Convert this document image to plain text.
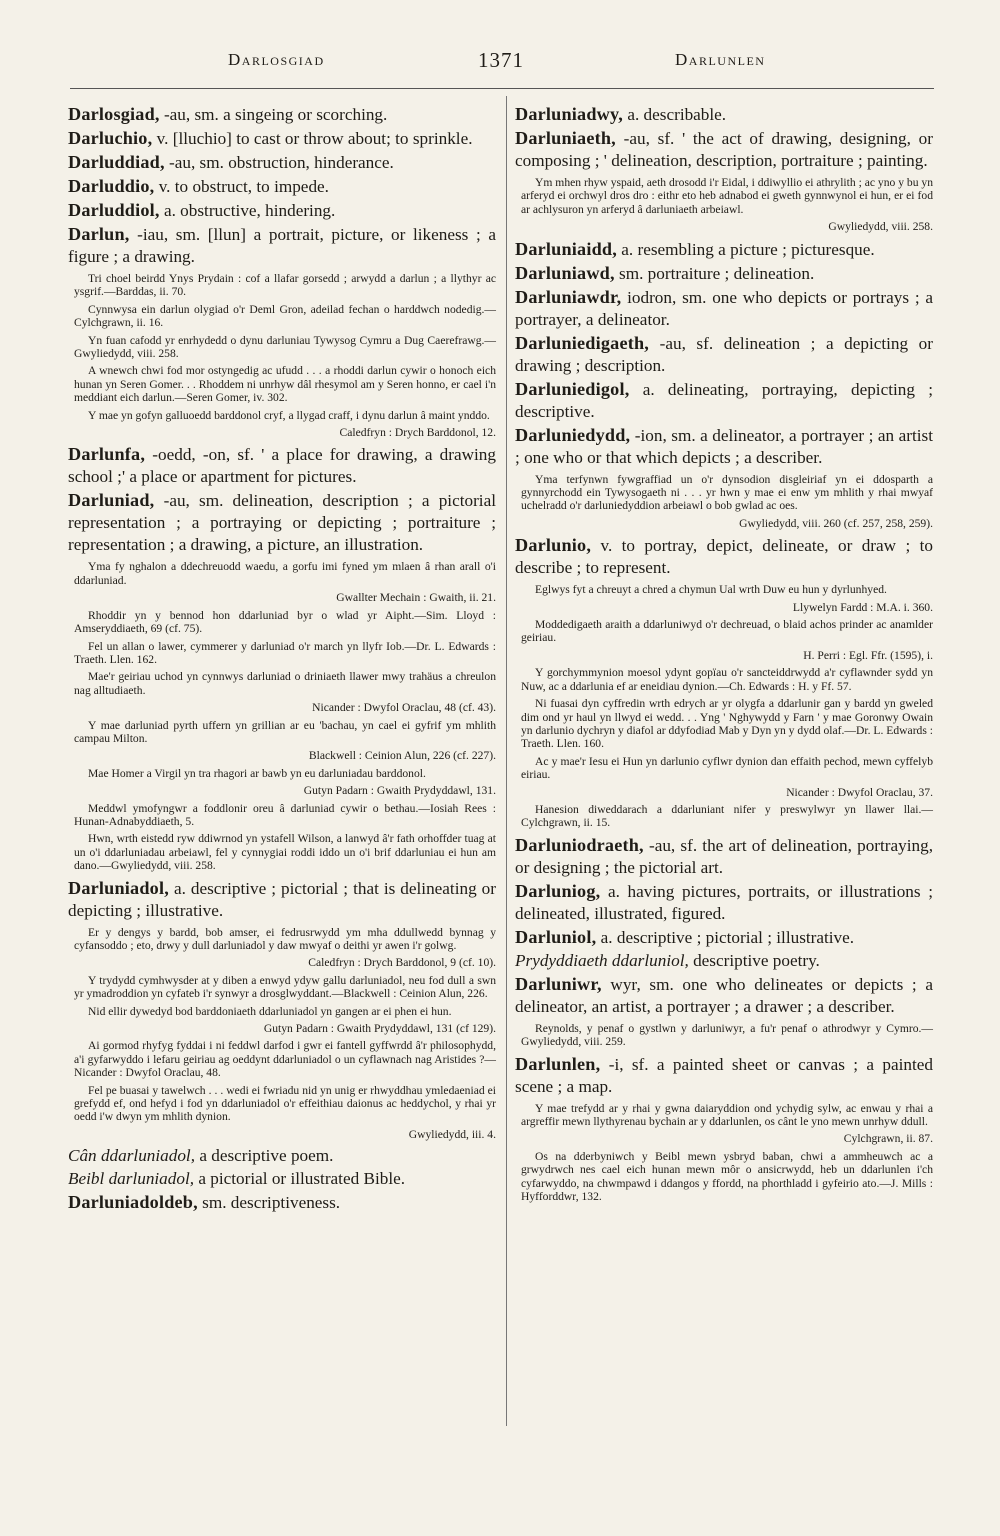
Darlosgiad	1371	Darlunlen

Darlosgiad, -au, sm. a singeing or scorching.

Darluchio, v. [lluchio] to cast or throw about; to sprinkle.

Darluddiad, -au, sm. obstruction, hinderance.

Darluddio, v. to obstruct, to impede.

Darluddiol, a. obstructive, hindering.

Darlun, -iau, sm. [llun] a portrait, picture, or likeness ; a figure ; a drawing.

Tri choel beirdd Ynys Prydain : cof a llafar gorsedd ; arwydd a darlun ; a llythyr ac ysgrif.—Barddas, ii. 70.

Cynnwysa ein darlun olygiad o'r Deml Gron, adeilad fechan o harddwch nodedig.—Cylchgrawn, ii. 16.

Yn fuan cafodd yr enrhydedd o dynu darluniau Tywysog Cymru a Dug Caerefrawg.—Gwyliedydd, viii. 258.

A wnewch chwi fod mor ostyngedig ac ufudd . . . a rhoddi darlun cywir o honoch eich hunan yn Seren Gomer. . . Rhoddem ni unrhyw dâl rhesymol am y Seren honno, er cael i'n meddiant eich darlun.—Seren Gomer, iv. 302.

Y mae yn gofyn galluoedd barddonol cryf, a llygad craff, i dynu darlun â maint ynddo.

Caledfryn : Drych Barddonol, 12.

Darlunfa, -oedd, -on, sf. ' a place for drawing, a drawing school ;' a place or apartment for pictures.

Darluniad, -au, sm. delineation, description ; a pictorial representation ; a portraying or depicting ; portraiture ; representation ; a drawing, a picture, an illustration.

Yma fy nghalon a ddechreuodd waedu, a gorfu imi fyned ym mlaen â rhan arall o'i ddarluniad.

Gwallter Mechain : Gwaith, ii. 21.

Rhoddir yn y bennod hon ddarluniad byr o wlad yr Aipht.—Sim. Lloyd : Amseryddiaeth, 69 (cf. 75).

Fel un allan o lawer, cymmerer y darluniad o'r march yn llyfr Iob.—Dr. L. Edwards : Traeth. Llen. 162.

Mae'r geiriau uchod yn cynnwys darluniad o driniaeth llawer mwy trahäus a chreulon nag alltudiaeth.

Nicander : Dwyfol Oraclau, 48 (cf. 43).

Y mae darluniad pyrth uffern yn grillian ar eu 'bachau, yn cael ei gyfrif ym mhlith campau Milton.

Blackwell : Ceinion Alun, 226 (cf. 227).

Mae Homer a Virgil yn tra rhagori ar bawb yn eu darluniadau barddonol.

Gutyn Padarn : Gwaith Prydyddawl, 131.

Meddwl ymofyngwr a foddlonir oreu â darluniad cywir o bethau.—Iosiah Rees : Hunan-Adnabyddiaeth, 5.

Hwn, wrth eistedd ryw ddiwrnod yn ystafell Wilson, a lanwyd â'r fath orhoffder tuag at un o'i ddarluniadau arbeiawl, fel y cynnygiai roddi iddo un o'i brif ddarluniau ei hun am dano.—Gwyliedydd, viii. 258.

Darluniadol, a. descriptive ; pictorial ; that is delineating or depicting ; illustrative.

Er y dengys y bardd, bob amser, ei fedrusrwydd ym mha ddullwedd bynnag y cyfansoddo ; eto, drwy y dull darluniadol y daw mwyaf o deithi yr awen i'r golwg.

Caledfryn : Drych Barddonol, 9 (cf. 10).

Y trydydd cymhwysder at y diben a enwyd ydyw gallu darluniadol, neu fod dull a swn yr ymadroddion yn cyfateb i'r synwyr a drosglwyddant.—Blackwell : Ceinion Alun, 226.

Nid ellir dywedyd bod barddoniaeth ddarluniadol yn gangen ar ei phen ei hun.

Gutyn Padarn : Gwaith Prydyddawl, 131 (cf 129).

Ai gormod rhyfyg fyddai i ni feddwl darfod i gwr ei fantell gyffwrdd â'r philosophydd, a'i gyfarwyddo i lefaru geiriau ag oeddynt ddarluniadol o un cyflawnach nag Aristides ?—Nicander : Dwyfol Oraclau, 48.

Fel pe buasai y tawelwch . . . wedi ei fwriadu nid yn unig er rhwyddhau ymledaeniad ei grefydd ef, ond hefyd i fod yn ddarluniadol o'r effeithiau daionus ac heddychol, y rhai yr oedd i'w dwyn ym mhlith dynion.

Gwyliedydd, iii. 4.

Cân ddarluniadol, a descriptive poem.

Beibl darluniadol, a pictorial or illustrated Bible.

Darluniadoldeb, sm. descriptiveness.

Darluniadwy, a. describable.

Darluniaeth, -au, sf. ' the act of drawing, designing, or composing ; ' delineation, description, portraiture ; painting.

Ym mhen rhyw yspaid, aeth drosodd i'r Eidal, i ddiwyllio ei athrylith ; ac yno y bu yn arferyd ei orchwyl dros dro : eithr eto heb adnabod ei gweth gynnwynol ei hun, er ei fod ar achlysuron yn arferyd â darluniaeth arbeiawl.

Gwyliedydd, viii. 258.

Darluniaidd, a. resembling a picture ; picturesque.

Darluniawd, sm. portraiture ; delineation.

Darluniawdr, iodron, sm. one who depicts or portrays ; a portrayer, a delineator.

Darluniedigaeth, -au, sf. delineation ; a depicting or drawing ; description.

Darluniedigol, a. delineating, portraying, depicting ; descriptive.

Darluniedydd, -ion, sm. a delineator, a portrayer ; an artist ; one who or that which depicts ; a describer.

Yma terfynwn fywgraffiad un o'r dynsodion disgleiriaf yn ei ddosparth a gynnyrchodd ein Tywysogaeth ni . . . yr hwn y mae ei enw ym mhlith y rhai mwyaf uchelradd o'r darluniedyddion arbeiawl o bob gwlad ac oes.

Gwyliedydd, viii. 260 (cf. 257, 258, 259).

Darlunio, v. to portray, depict, delineate, or draw ; to describe ; to represent.

Eglwys fyt a chreuyt a chred a chymun Ual wrth Duw eu hun y dyrlunhyed.

Llywelyn Fardd : M.A. i. 360.

Moddedigaeth araith a ddarluniwyd o'r dechreuad, o blaid achos prinder ac anamlder geiriau.

H. Perri : Egl. Ffr. (1595), i.

Y gorchymmynion moesol ydynt gopïau o'r sancteiddrwydd a'r cyflawnder sydd yn Nuw, ac a ddarlunia ef ar eneidiau dynion.—Ch. Edwards : H. y Ff. 57.

Ni fuasai dyn cyffredin wrth edrych ar yr olygfa a ddarlunir gan y bardd yn gweled dim ond yr haul yn llwyd ei wedd. . . Yng ' Nghywydd y Farn ' y mae Goronwy Owain yn darlunio dychryn y diafol ar ddyfodiad Mab y Dyn yn y dydd olaf.—Dr. L. Edwards : Traeth. Llen. 160.

Ac y mae'r Iesu ei Hun yn darlunio cyflwr dynion dan effaith pechod, mewn cyffelyb eiriau.

Nicander : Dwyfol Oraclau, 37.

Hanesion diweddarach a ddarluniant nifer y preswylwyr yn llawer llai.—Cylchgrawn, ii. 15.

Darluniodraeth, -au, sf. the art of delineation, portraying, or designing ; the pictorial art.

Darluniog, a. having pictures, portraits, or illustrations ; delineated, illustrated, figured.

Darluniol, a. descriptive ; pictorial ; illustrative.

Prydyddiaeth ddarluniol, descriptive poetry.

Darluniwr, wyr, sm. one who delineates or depicts ; a delineator, an artist, a portrayer ; a drawer ; a describer.

Reynolds, y penaf o gystlwn y darluniwyr, a fu'r penaf o athrodwyr y Cymro.—Gwyliedydd, viii. 259.

Darlunlen, -i, sf. a painted sheet or canvas ; a painted scene ; a map.

Y mae trefydd ar y rhai y gwna daiaryddion ond ychydig sylw, ac enwau y rhai a argreffir mewn llythyrenau bychain ar y ddarlunlen, os cânt le yno mewn unrhyw ddull.

Cylchgrawn, ii. 87.

Os na dderbyniwch y Beibl mewn ysbryd baban, chwi a ammheuwch ac a grwydrwch nes cael eich hunan mewn môr o ansicrwydd, heb un ddarlunlen i'ch cyfarwyddo, na chwmpawd i ddangos y ffordd, na phorthladd i gyfeirio ato.—J. Mills : Hyfforddwr, 132.
